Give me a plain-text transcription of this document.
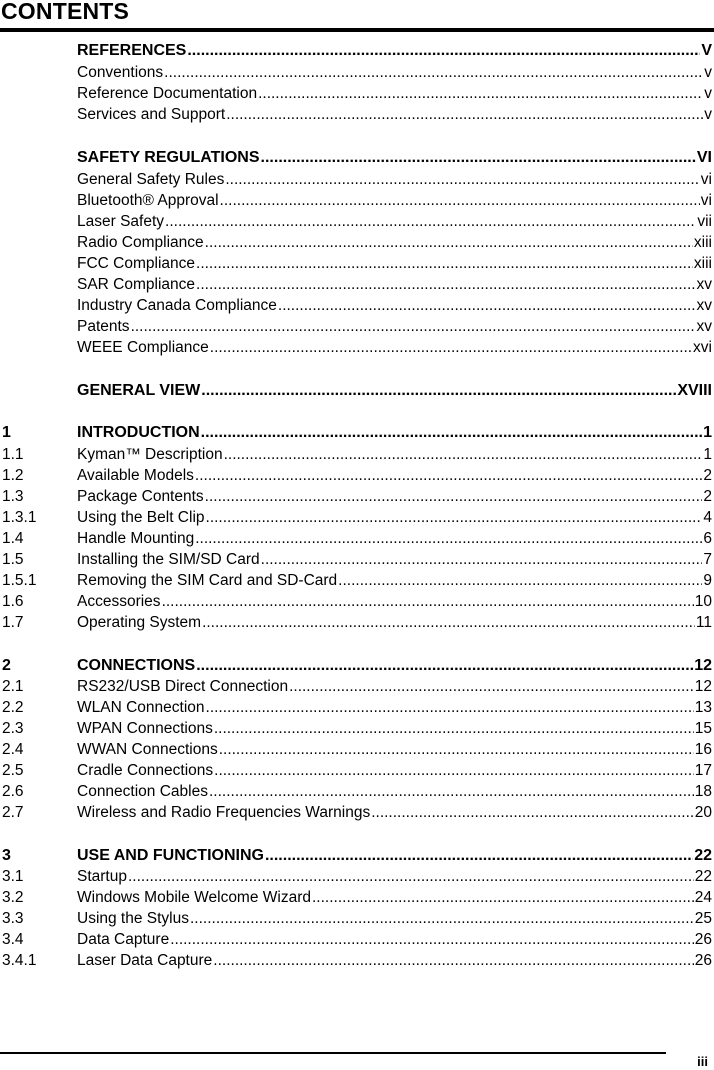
CONTENTS
REFERENCES .....	V
Conventions .....	v
Reference Documentation .....	v
Services and Support .....	v
SAFETY REGULATIONS .....	VI
General Safety Rules .....	vi
Bluetooth® Approval .....	vi
Laser Safety .....	vii
Radio Compliance .....	xiii
FCC Compliance .....	xiii
SAR Compliance .....	xv
Industry Canada Compliance .....	xv
Patents .....	xv
WEEE Compliance .....	xvi
GENERAL VIEW .....	XVIII
1	INTRODUCTION .....	1
1.1	Kyman™ Description .....	1
1.2	Available Models .....	2
1.3	Package Contents .....	2
1.3.1	Using the Belt Clip .....	4
1.4	Handle Mounting .....	6
1.5	Installing the SIM/SD Card .....	7
1.5.1	Removing the SIM Card and SD-Card .....	9
1.6	Accessories .....	10
1.7	Operating System .....	11
2	CONNECTIONS .....	12
2.1	RS232/USB Direct Connection .....	12
2.2	WLAN Connection .....	13
2.3	WPAN Connections .....	15
2.4	WWAN Connections .....	16
2.5	Cradle Connections .....	17
2.6	Connection Cables .....	18
2.7	Wireless and Radio Frequencies Warnings .....	20
3	USE AND FUNCTIONING .....	22
3.1	Startup .....	22
3.2	Windows Mobile Welcome Wizard .....	24
3.3	Using the Stylus .....	25
3.4	Data Capture .....	26
3.4.1	Laser Data Capture .....	26
iii
